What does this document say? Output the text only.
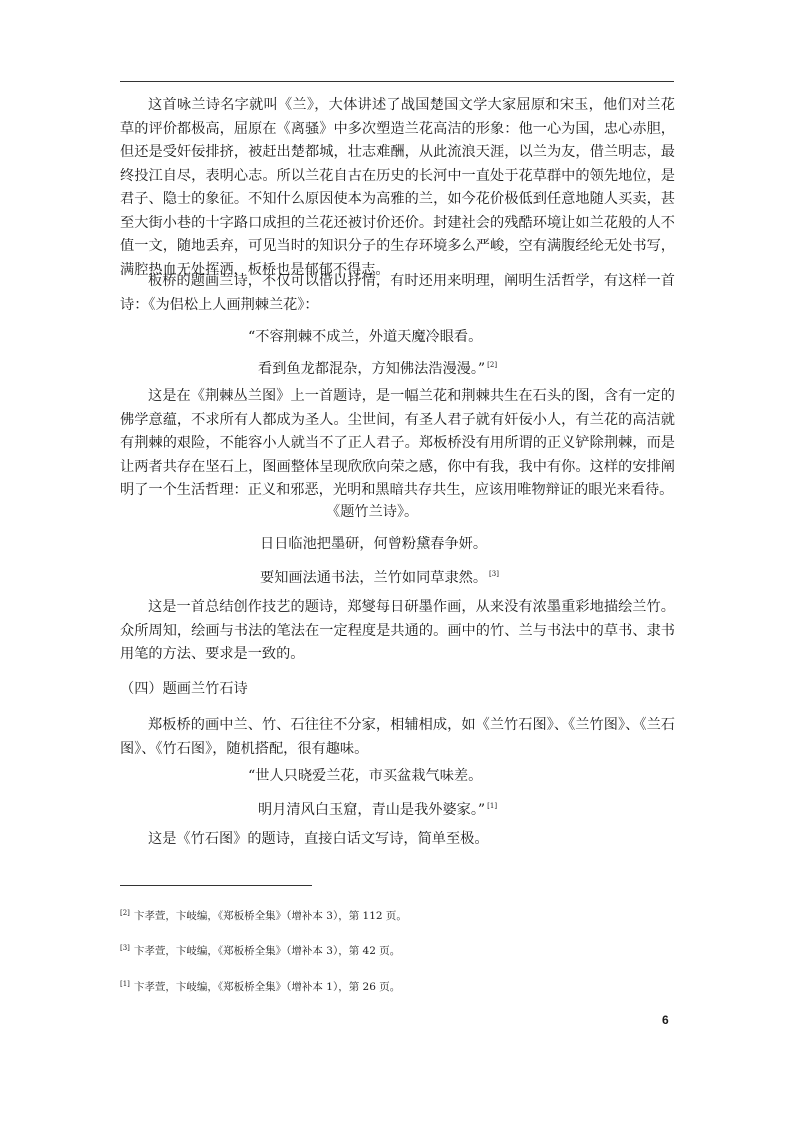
这首咏兰诗名字就叫《兰》，大体讲述了战国楚国文学大家屈原和宋玉，他们对兰花草的评价都极高，屈原在《离骚》中多次塑造兰花高洁的形象：他一心为国，忠心赤胆，但还是受奸佞排挤，被赶出楚都城，壮志难酬，从此流浪天涯，以兰为友，借兰明志，最终投江自尽，表明心志。所以兰花自古在历史的长河中一直处于花草群中的领先地位，是君子、隐士的象征。不知什么原因使本为高雅的兰，如今花价极低到任意地随人买卖，甚至大街小巷的十字路口成担的兰花还被讨价还价。封建社会的残酷环境让如兰花般的人不值一文，随地丢弃，可见当时的知识分子的生存环境多么严峻，空有满腹经纶无处书写，满腔热血无处挥洒，板桥也是郁郁不得志。

板桥的题画兰诗，不仅可以借以抒情，有时还用来明理，阐明生活哲学，有这样一首诗：《为侣松上人画荆棘兰花》：

“不容荆棘不成兰，外道天魔冷眼看。

看到鱼龙都混杂，方知佛法浩漫漫。” [2]

这是在《荆棘丛兰图》上一首题诗，是一幅兰花和荆棘共生在石头的图，含有一定的佛学意蕴，不求所有人都成为圣人。尘世间，有圣人君子就有奸佞小人，有兰花的高洁就有荆棘的艰险，不能容小人就当不了正人君子。郑板桥没有用所谓的正义铲除荆棘，而是让两者共存在坚石上，图画整体呈现欣欣向荣之感，你中有我，我中有你。这样的安排阐明了一个生活哲理：正义和邪恶，光明和黑暗共存共生，应该用唯物辩证的眼光来看待。

《题竹兰诗》。

日日临池把墨研，何曾粉黛春争妍。

要知画法通书法，兰竹如同草隶然。 [3]

这是一首总结创作技艺的题诗，郑燮每日研墨作画，从来没有浓墨重彩地描绘兰竹。众所周知，绘画与书法的笔法在一定程度是共通的。画中的竹、兰与书法中的草书、隶书用笔的方法、要求是一致的。

（四）题画兰竹石诗

郑板桥的画中兰、竹、石往往不分家，相辅相成，如《兰竹石图》、《兰竹图》、《兰石图》、《竹石图》，随机搭配，很有趣味。

“世人只晓爱兰花，市买盆栽气味差。

明月清风白玉窟，青山是我外婆家。” [1]

这是《竹石图》的题诗，直接白话文写诗，简单至极。

[2] 卞孝萱，卞岐编，《郑板桥全集》（增补本 3），第 112 页。

[3] 卞孝萱，卞岐编，《郑板桥全集》（增补本 3），第 42 页。

[1] 卞孝萱，卞岐编，《郑板桥全集》（增补本 1），第 26 页。

6
